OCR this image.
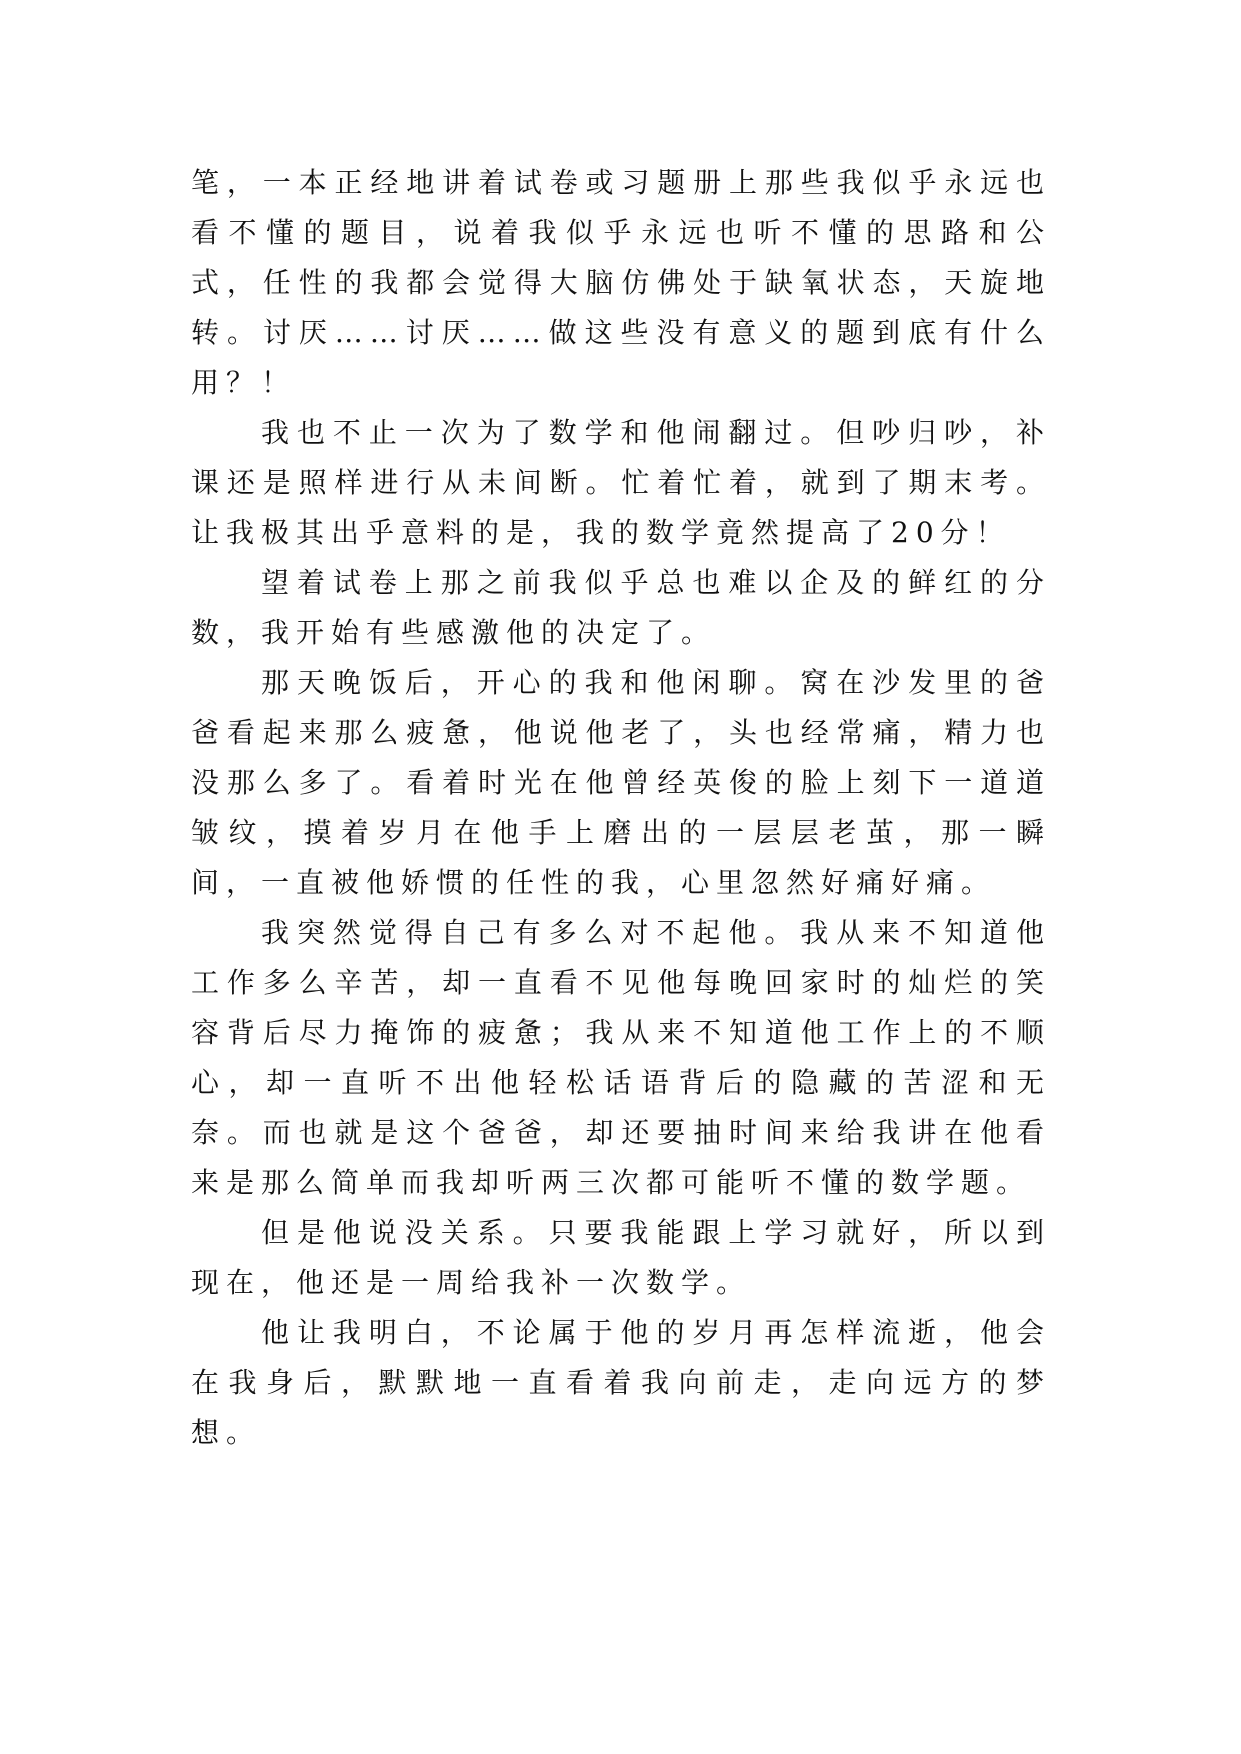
笔，一本正经地讲着试卷或习题册上那些我似乎永远也看不懂的题目，说着我似乎永远也听不懂的思路和公式，任性的我都会觉得大脑仿佛处于缺氧状态，天旋地转。讨厌……讨厌……做这些没有意义的题到底有什么用？！

我也不止一次为了数学和他闹翻过。但吵归吵，补课还是照样进行从未间断。忙着忙着，就到了期末考。让我极其出乎意料的是，我的数学竟然提高了20分！

望着试卷上那之前我似乎总也难以企及的鲜红的分数，我开始有些感激他的决定了。

那天晚饭后，开心的我和他闲聊。窝在沙发里的爸爸看起来那么疲惫，他说他老了，头也经常痛，精力也没那么多了。看着时光在他曾经英俊的脸上刻下一道道皱纹，摸着岁月在他手上磨出的一层层老茧，那一瞬间，一直被他娇惯的任性的我，心里忽然好痛好痛。

我突然觉得自己有多么对不起他。我从来不知道他工作多么辛苦，却一直看不见他每晚回家时的灿烂的笑容背后尽力掩饰的疲惫；我从来不知道他工作上的不顺心，却一直听不出他轻松话语背后的隐藏的苦涩和无奈。而也就是这个爸爸，却还要抽时间来给我讲在他看来是那么简单而我却听两三次都可能听不懂的数学题。

但是他说没关系。只要我能跟上学习就好，所以到现在，他还是一周给我补一次数学。

他让我明白，不论属于他的岁月再怎样流逝，他会在我身后，默默地一直看着我向前走，走向远方的梦想。
